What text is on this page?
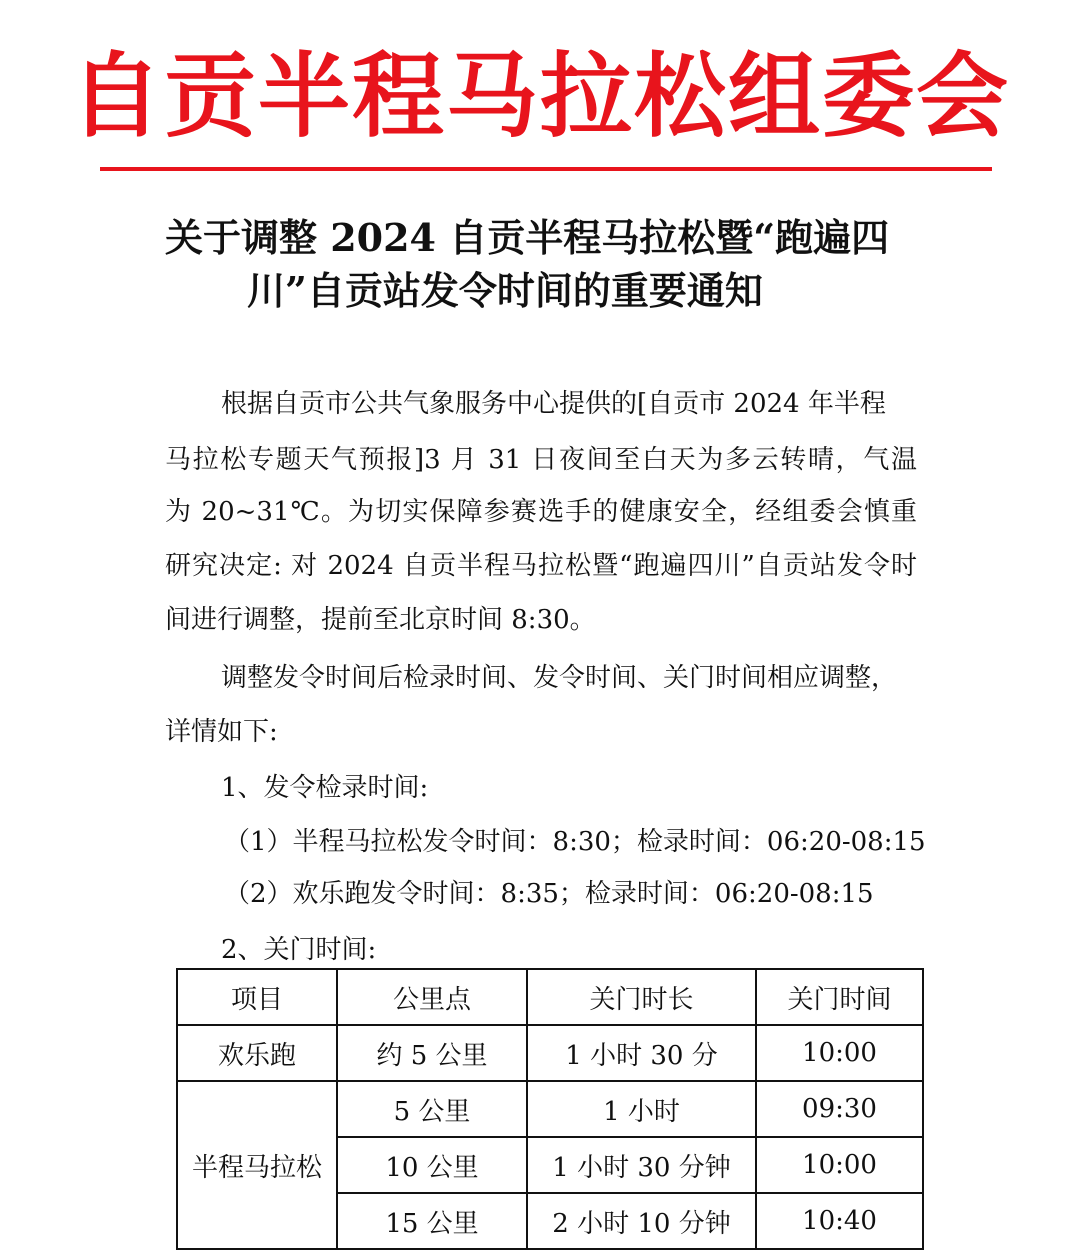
自贡半程马拉松组委会
关于调整 2024 自贡半程马拉松暨“跑遍四
川”自贡站发令时间的重要通知
根据自贡市公共气象服务中心提供的[自贡市 2024 年半程
马拉松专题天气预报]3 月 31 日夜间至白天为多云转晴，气温
为 20~31℃。为切实保障参赛选手的健康安全，经组委会慎重
研究决定: 对 2024 自贡半程马拉松暨“跑遍四川”自贡站发令时
间进行调整，提前至北京时间 8:30。
调整发令时间后检录时间、发令时间、关门时间相应调整，
详情如下:
1、发令检录时间:
（1）半程马拉松发令时间：8:30；检录时间：06:20-08:15
（2）欢乐跑发令时间：8:35；检录时间：06:20-08:15
2、关门时间:
项目	公里点	关门时长	关门时间
欢乐跑	约 5 公里	1 小时 30 分	10:00
半程马拉松	5 公里	1 小时	09:30
	10 公里	1 小时 30 分钟	10:00
	15 公里	2 小时 10 分钟	10:40
